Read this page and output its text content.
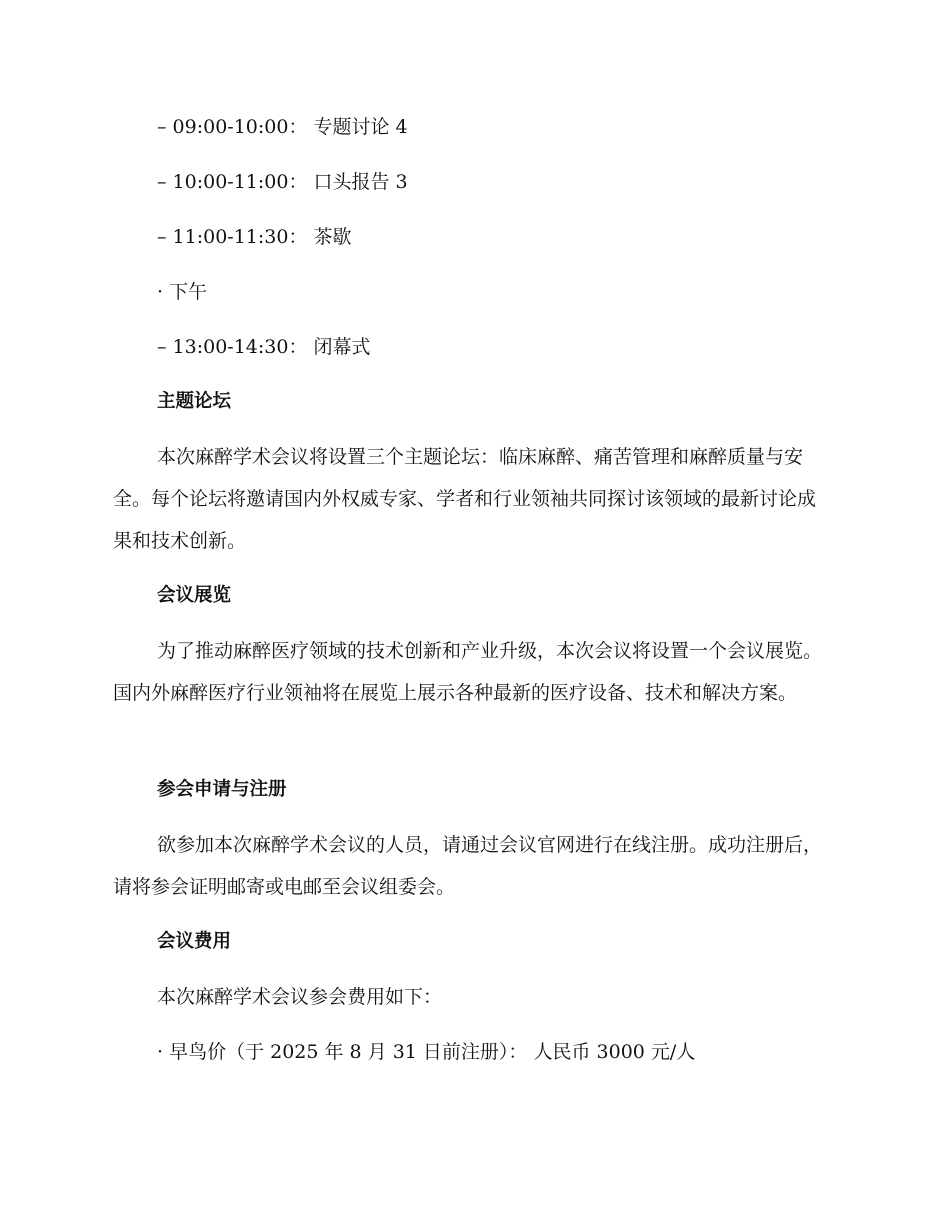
– 09:00-10:00： 专题讨论 4
– 10:00-11:00： 口头报告 3
– 11:00-11:30： 茶歇
· 下午
– 13:00-14:30： 闭幕式
主题论坛

本次麻醉学术会议将设置三个主题论坛：临床麻醉、痛苦管理和麻醉质量与安全。每个论坛将邀请国内外权威专家、学者和行业领袖共同探讨该领域的最新讨论成果和技术创新。

会议展览

为了推动麻醉医疗领域的技术创新和产业升级，本次会议将设置一个会议展览。国内外麻醉医疗行业领袖将在展览上展示各种最新的医疗设备、技术和解决方案。

参会申请与注册

欲参加本次麻醉学术会议的人员，请通过会议官网进行在线注册。成功注册后，请将参会证明邮寄或电邮至会议组委会。

会议费用
本次麻醉学术会议参会费用如下：
· 早鸟价（于 2025 年 8 月 31 日前注册）： 人民币 3000 元/人
